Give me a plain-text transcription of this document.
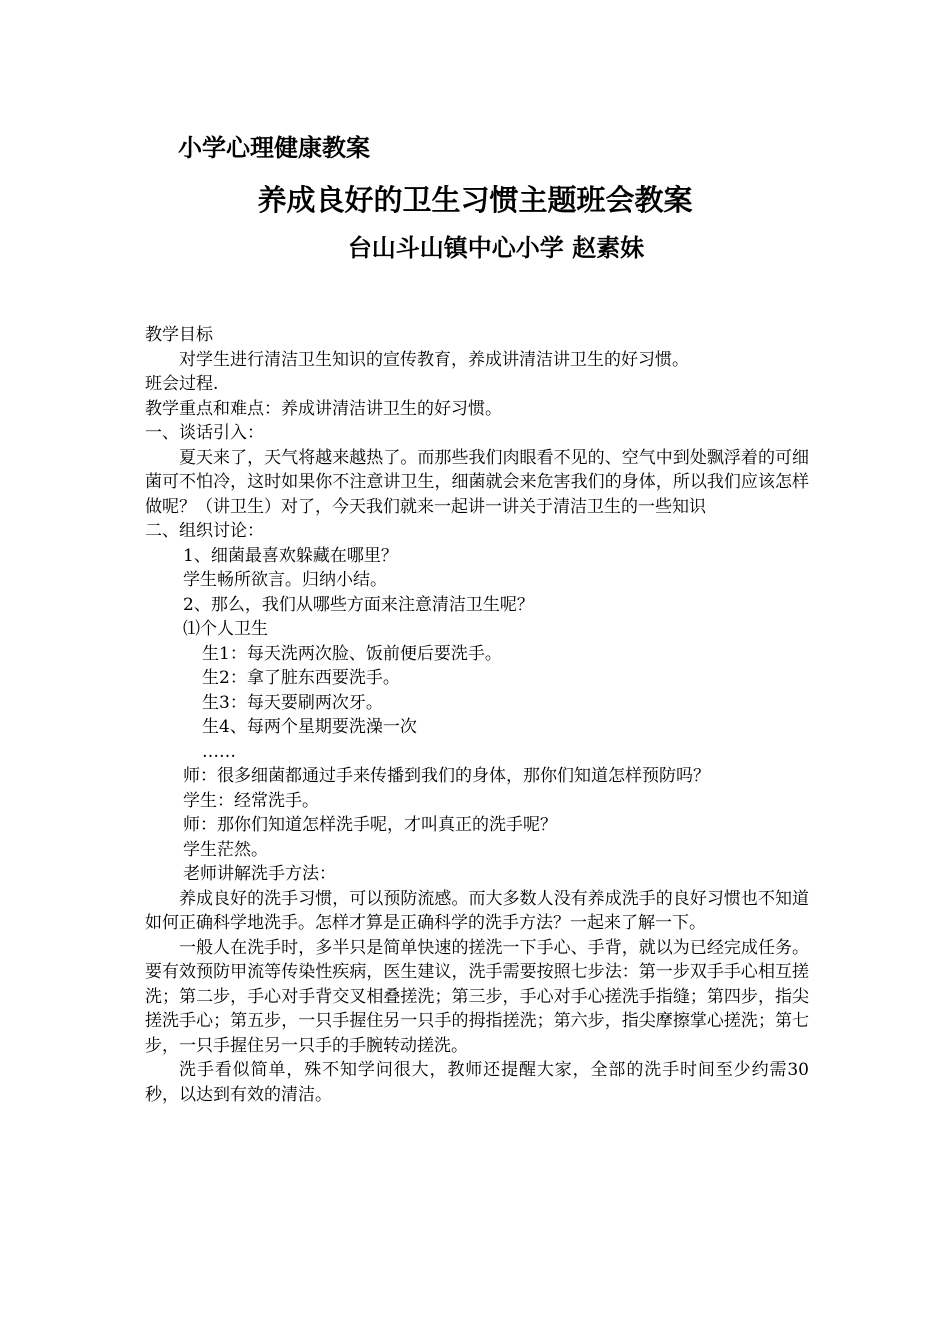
小学心理健康教案
养成良好的卫生习惯主题班会教案
台山斗山镇中心小学 赵素妹

教学目标

对学生进行清洁卫生知识的宣传教育，养成讲清洁讲卫生的好习惯。

班会过程.

教学重点和难点：养成讲清洁讲卫生的好习惯。

一、谈话引入：

夏天来了，天气将越来越热了。而那些我们肉眼看不见的、空气中到处飘浮着的可细菌可不怕冷，这时如果你不注意讲卫生，细菌就会来危害我们的身体，所以我们应该怎样做呢？（讲卫生）对了，今天我们就来一起讲一讲关于清洁卫生的一些知识

二、组织讨论：

1、细菌最喜欢躲藏在哪里？

学生畅所欲言。归纳小结。

2、那么，我们从哪些方面来注意清洁卫生呢？

⑴个人卫生

生1：每天洗两次脸、饭前便后要洗手。

生2：拿了脏东西要洗手。

生3：每天要刷两次牙。

生4、每两个星期要洗澡一次

……

师：很多细菌都通过手来传播到我们的身体，那你们知道怎样预防吗？

学生：经常洗手。

师：那你们知道怎样洗手呢，才叫真正的洗手呢？

学生茫然。

老师讲解洗手方法：

养成良好的洗手习惯，可以预防流感。而大多数人没有养成洗手的良好习惯也不知道如何正确科学地洗手。怎样才算是正确科学的洗手方法？一起来了解一下。

一般人在洗手时，多半只是简单快速的搓洗一下手心、手背，就以为已经完成任务。要有效预防甲流等传染性疾病，医生建议，洗手需要按照七步法：第一步双手手心相互搓洗；第二步，手心对手背交叉相叠搓洗；第三步，手心对手心搓洗手指缝；第四步，指尖搓洗手心；第五步，一只手握住另一只手的拇指搓洗；第六步，指尖摩擦掌心搓洗；第七步，一只手握住另一只手的手腕转动搓洗。

洗手看似简单，殊不知学问很大，教师还提醒大家，全部的洗手时间至少约需30秒，以达到有效的清洁。
